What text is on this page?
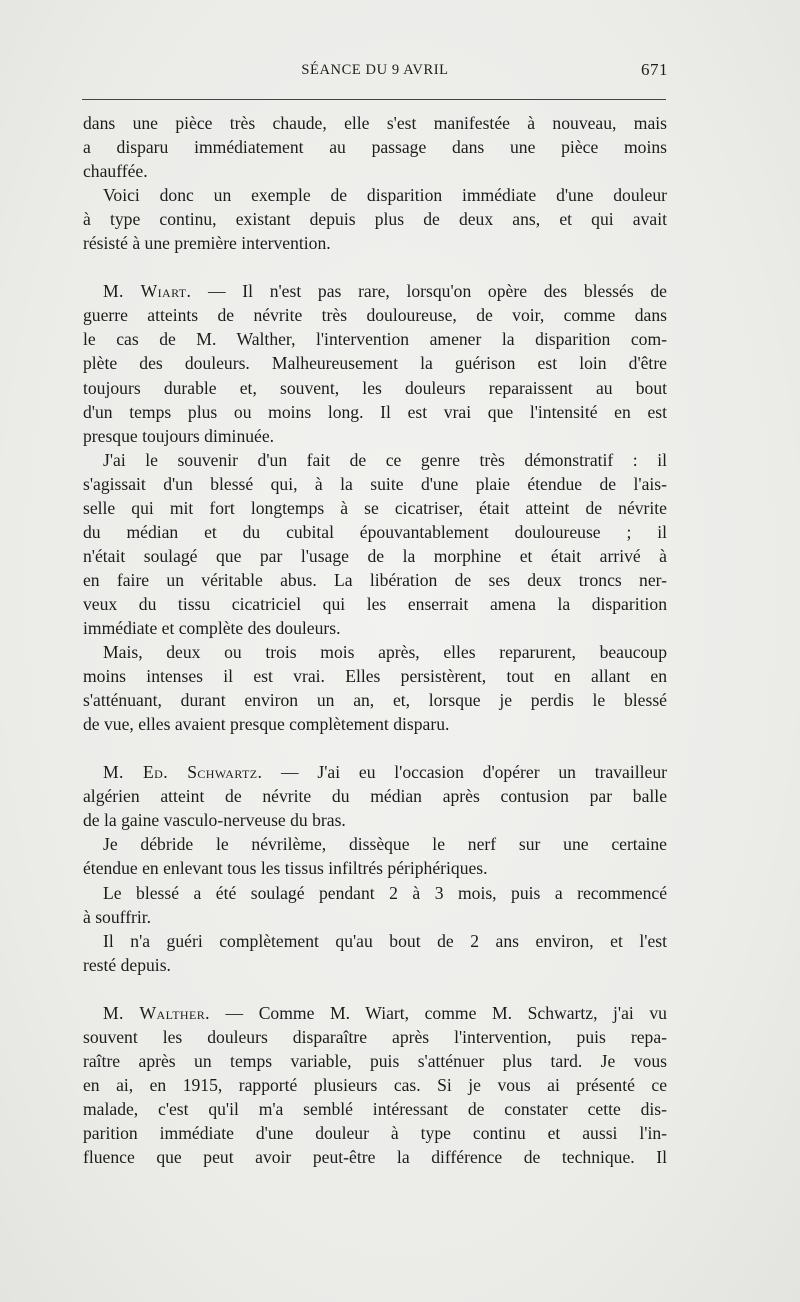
SÉANCE DU 9 AVRIL	671
dans une pièce très chaude, elle s'est manifestée à nouveau, mais
a disparu immédiatement au passage dans une pièce moins
chauffée.
Voici donc un exemple de disparition immédiate d'une douleur
à type continu, existant depuis plus de deux ans, et qui avait
résisté à une première intervention.
M. Wiart. — Il n'est pas rare, lorsqu'on opère des blessés de
guerre atteints de névrite très douloureuse, de voir, comme dans
le cas de M. Walther, l'intervention amener la disparition com-
plète des douleurs. Malheureusement la guérison est loin d'être
toujours durable et, souvent, les douleurs reparaissent au bout
d'un temps plus ou moins long. Il est vrai que l'intensité en est
presque toujours diminuée.
J'ai le souvenir d'un fait de ce genre très démonstratif : il
s'agissait d'un blessé qui, à la suite d'une plaie étendue de l'ais-
selle qui mit fort longtemps à se cicatriser, était atteint de névrite
du médian et du cubital épouvantablement douloureuse ; il
n'était soulagé que par l'usage de la morphine et était arrivé à
en faire un véritable abus. La libération de ses deux troncs ner-
veux du tissu cicatriciel qui les enserrait amena la disparition
immédiate et complète des douleurs.
Mais, deux ou trois mois après, elles reparurent, beaucoup
moins intenses il est vrai. Elles persistèrent, tout en allant en
s'atténuant, durant environ un an, et, lorsque je perdis le blessé
de vue, elles avaient presque complètement disparu.
M. Ed. Schwartz. — J'ai eu l'occasion d'opérer un travailleur
algérien atteint de névrite du médian après contusion par balle
de la gaine vasculo-nerveuse du bras.
Je débride le névrilème, dissèque le nerf sur une certaine
étendue en enlevant tous les tissus infiltrés périphériques.
Le blessé a été soulagé pendant 2 à 3 mois, puis a recommencé
à souffrir.
Il n'a guéri complètement qu'au bout de 2 ans environ, et l'est
resté depuis.
M. Walther. — Comme M. Wiart, comme M. Schwartz, j'ai vu
souvent les douleurs disparaître après l'intervention, puis repa-
raître après un temps variable, puis s'atténuer plus tard. Je vous
en ai, en 1915, rapporté plusieurs cas. Si je vous ai présenté ce
malade, c'est qu'il m'a semblé intéressant de constater cette dis-
parition immédiate d'une douleur à type continu et aussi l'in-
fluence que peut avoir peut-être la différence de technique. Il
